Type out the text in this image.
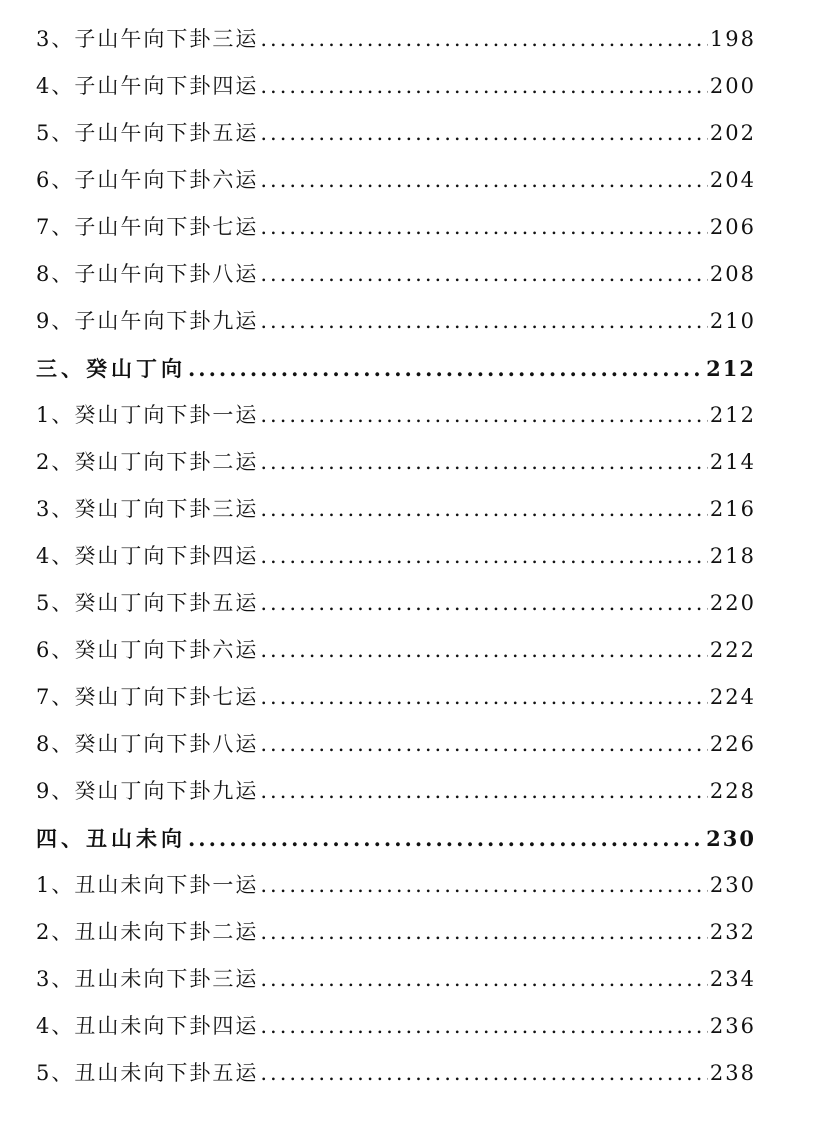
3、 子山午向下卦三运 .....	198
4、 子山午向下卦四运 .....	200
5、 子山午向下卦五运 .....	202
6、 子山午向下卦六运 .....	204
7、 子山午向下卦七运 .....	206
8、 子山午向下卦八运 .....	208
9、 子山午向下卦九运 .....	210
三、 癸山丁向 .....	212
1、 癸山丁向下卦一运 .....	212
2、 癸山丁向下卦二运 .....	214
3、 癸山丁向下卦三运 .....	216
4、 癸山丁向下卦四运 .....	218
5、 癸山丁向下卦五运 .....	220
6、 癸山丁向下卦六运 .....	222
7、 癸山丁向下卦七运 .....	224
8、 癸山丁向下卦八运 .....	226
9、 癸山丁向下卦九运 .....	228
四、 丑山未向 .....	230
1、 丑山未向下卦一运 .....	230
2、 丑山未向下卦二运 .....	232
3、 丑山未向下卦三运 .....	234
4、 丑山未向下卦四运 .....	236
5、 丑山未向下卦五运 .....	238
